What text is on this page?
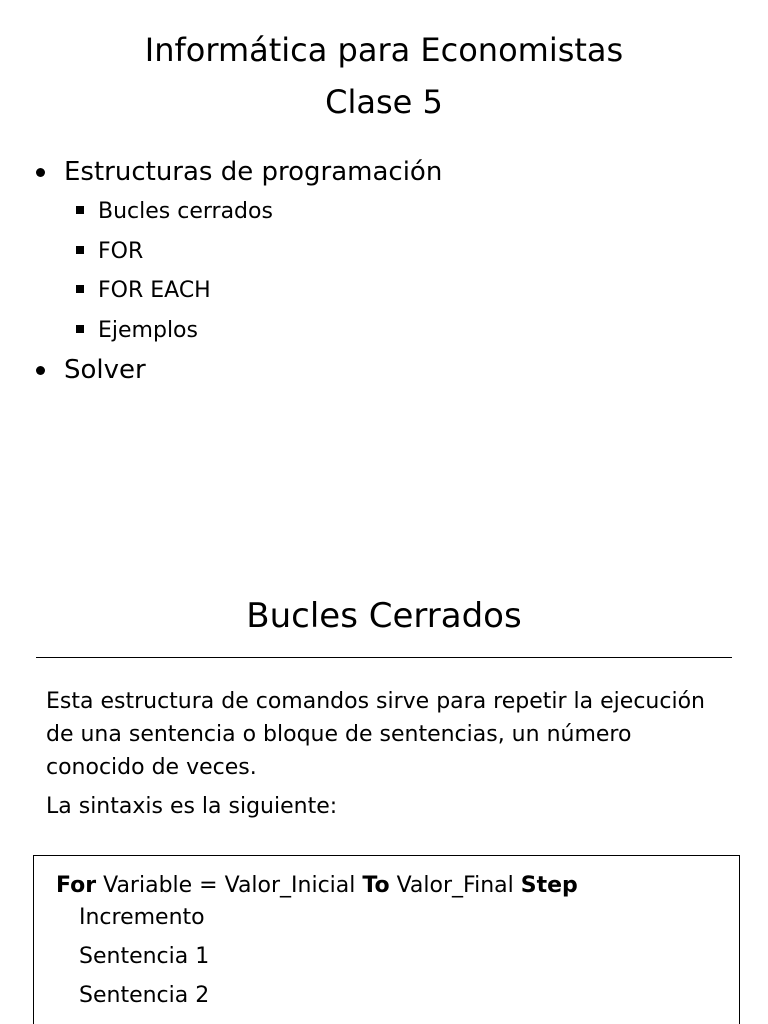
Informática para Economistas
Clase 5
Estructuras de programación
Bucles cerrados
FOR
FOR EACH
Ejemplos
Solver
Bucles Cerrados

Esta estructura de comandos sirve para repetir la ejecución de una sentencia o bloque de sentencias, un número conocido de veces.

La sintaxis es la siguiente:

For Variable = Valor_Inicial To Valor_Final Step
Incremento
Sentencia 1
Sentencia 2
